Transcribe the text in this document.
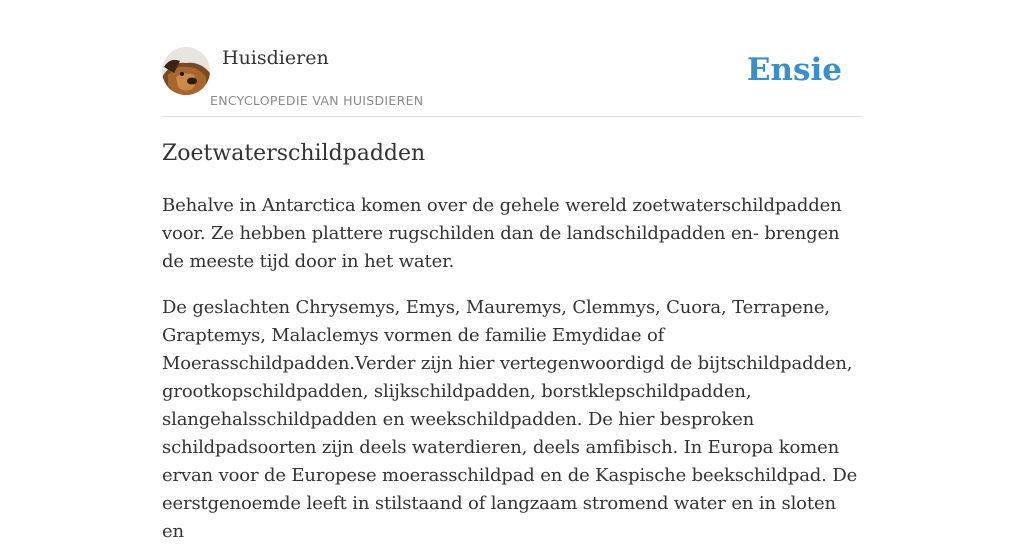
Huisdieren
ENCYCLOPEDIE VAN HUISDIEREN
Ensie
Zoetwaterschildpadden

Behalve in Antarctica komen over de gehele wereld zoetwaterschildpadden voor. Ze hebben plattere rugschilden dan de landschildpadden en- brengen de meeste tijd door in het water.

De geslachten Chrysemys, Emys, Mauremys, Clemmys, Cuora, Terrapene, Graptemys, Malaclemys vormen de familie Emydidae of Moerasschildpadden.Verder zijn hier vertegenwoordigd de bijtschildpadden, grootkopschildpadden, slijkschildpadden, borstklepschildpadden, slangehalsschildpadden en weekschildpadden. De hier besproken schildpadsoorten zijn deels waterdieren, deels amfibisch. In Europa komen ervan voor de Europese moerasschildpad en de Kaspische beekschildpad. De eerstgenoemde leeft in stilstaand of langzaam stromend water en in sloten en
